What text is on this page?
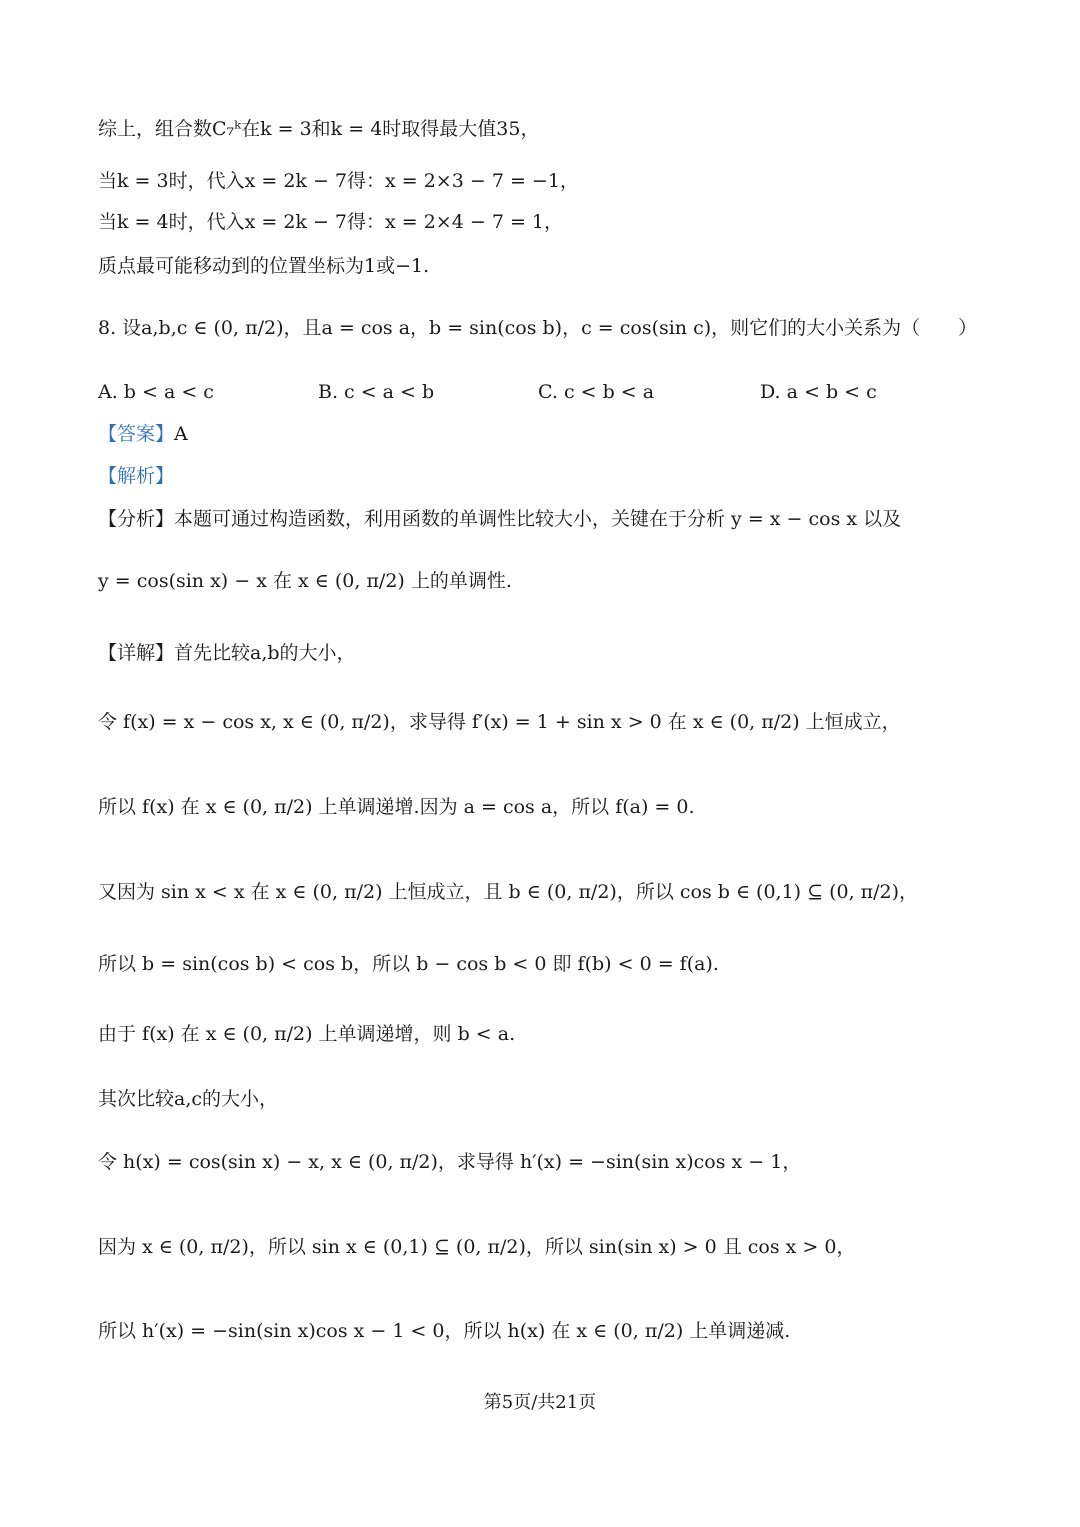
综上，组合数C₇ᵏ在k = 3和k = 4时取得最大值35，
当k = 3时，代入x = 2k − 7得：x = 2×3 − 7 = −1，
当k = 4时，代入x = 2k − 7得：x = 2×4 − 7 = 1，
质点最可能移动到的位置坐标为1或−1.
8. 设a,b,c ∈ (0, π/2)，且a = cos a，b = sin(cos b)，c = cos(sin c)，则它们的大小关系为（　　）
A. b < a < c	B. c < a < b	C. c < b < a	D. a < b < c
【答案】A
【解析】
【分析】本题可通过构造函数，利用函数的单调性比较大小，关键在于分析 y = x − cos x 以及
y = cos(sin x) − x 在 x ∈ (0, π/2) 上的单调性.
【详解】首先比较a,b的大小，
令 f(x) = x − cos x, x ∈ (0, π/2)，求导得 f′(x) = 1 + sin x > 0 在 x ∈ (0, π/2) 上恒成立，
所以 f(x) 在 x ∈ (0, π/2) 上单调递增.因为 a = cos a，所以 f(a) = 0.
又因为 sin x < x 在 x ∈ (0, π/2) 上恒成立，且 b ∈ (0, π/2)，所以 cos b ∈ (0,1) ⊆ (0, π/2)，
所以 b = sin(cos b) < cos b，所以 b − cos b < 0 即 f(b) < 0 = f(a).
由于 f(x) 在 x ∈ (0, π/2) 上单调递增，则 b < a.
其次比较a,c的大小，
令 h(x) = cos(sin x) − x, x ∈ (0, π/2)，求导得 h′(x) = −sin(sin x)cos x − 1，
因为 x ∈ (0, π/2)，所以 sin x ∈ (0,1) ⊆ (0, π/2)，所以 sin(sin x) > 0 且 cos x > 0，
所以 h′(x) = −sin(sin x)cos x − 1 < 0，所以 h(x) 在 x ∈ (0, π/2) 上单调递减.
第5页/共21页
